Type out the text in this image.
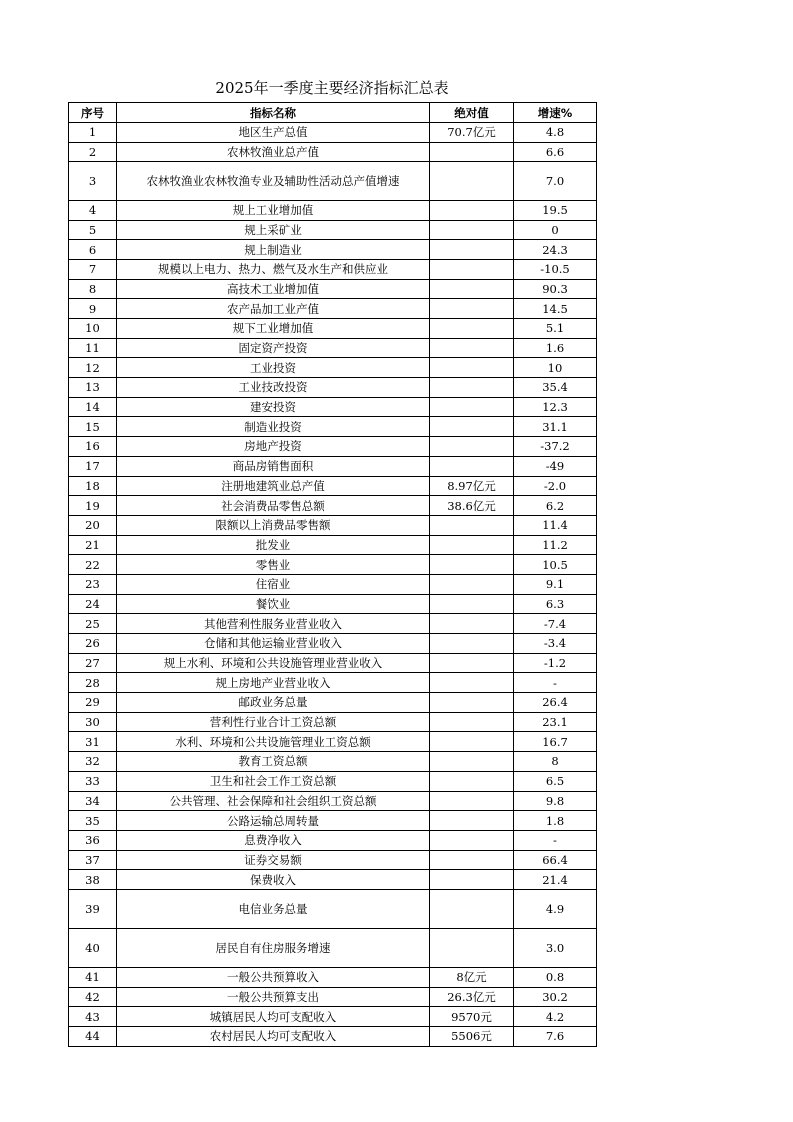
2025年一季度主要经济指标汇总表
序号	指标名称	绝对值	增速%
1	地区生产总值	70.7亿元	4.8
2	农林牧渔业总产值		6.6
3	农林牧渔业农林牧渔专业及辅助性活动总产值增速		7.0
4	规上工业增加值		19.5
5	规上采矿业		0
6	规上制造业		24.3
7	规模以上电力、热力、燃气及水生产和供应业		-10.5
8	高技术工业增加值		90.3
9	农产品加工业产值		14.5
10	规下工业增加值		5.1
11	固定资产投资		1.6
12	工业投资		10
13	工业技改投资		35.4
14	建安投资		12.3
15	制造业投资		31.1
16	房地产投资		-37.2
17	商品房销售面积		-49
18	注册地建筑业总产值	8.97亿元	-2.0
19	社会消费品零售总额	38.6亿元	6.2
20	限额以上消费品零售额		11.4
21	批发业		11.2
22	零售业		10.5
23	住宿业		9.1
24	餐饮业		6.3
25	其他营利性服务业营业收入		-7.4
26	仓储和其他运输业营业收入		-3.4
27	规上水利、环境和公共设施管理业营业收入		-1.2
28	规上房地产业营业收入		-
29	邮政业务总量		26.4
30	营利性行业合计工资总额		23.1
31	水利、环境和公共设施管理业工资总额		16.7
32	教育工资总额		8
33	卫生和社会工作工资总额		6.5
34	公共管理、社会保障和社会组织工资总额		9.8
35	公路运输总周转量		1.8
36	息费净收入		-
37	证券交易额		66.4
38	保费收入		21.4
39	电信业务总量		4.9
40	居民自有住房服务增速		3.0
41	一般公共预算收入	8亿元	0.8
42	一般公共预算支出	26.3亿元	30.2
43	城镇居民人均可支配收入	9570元	4.2
44	农村居民人均可支配收入	5506元	7.6
